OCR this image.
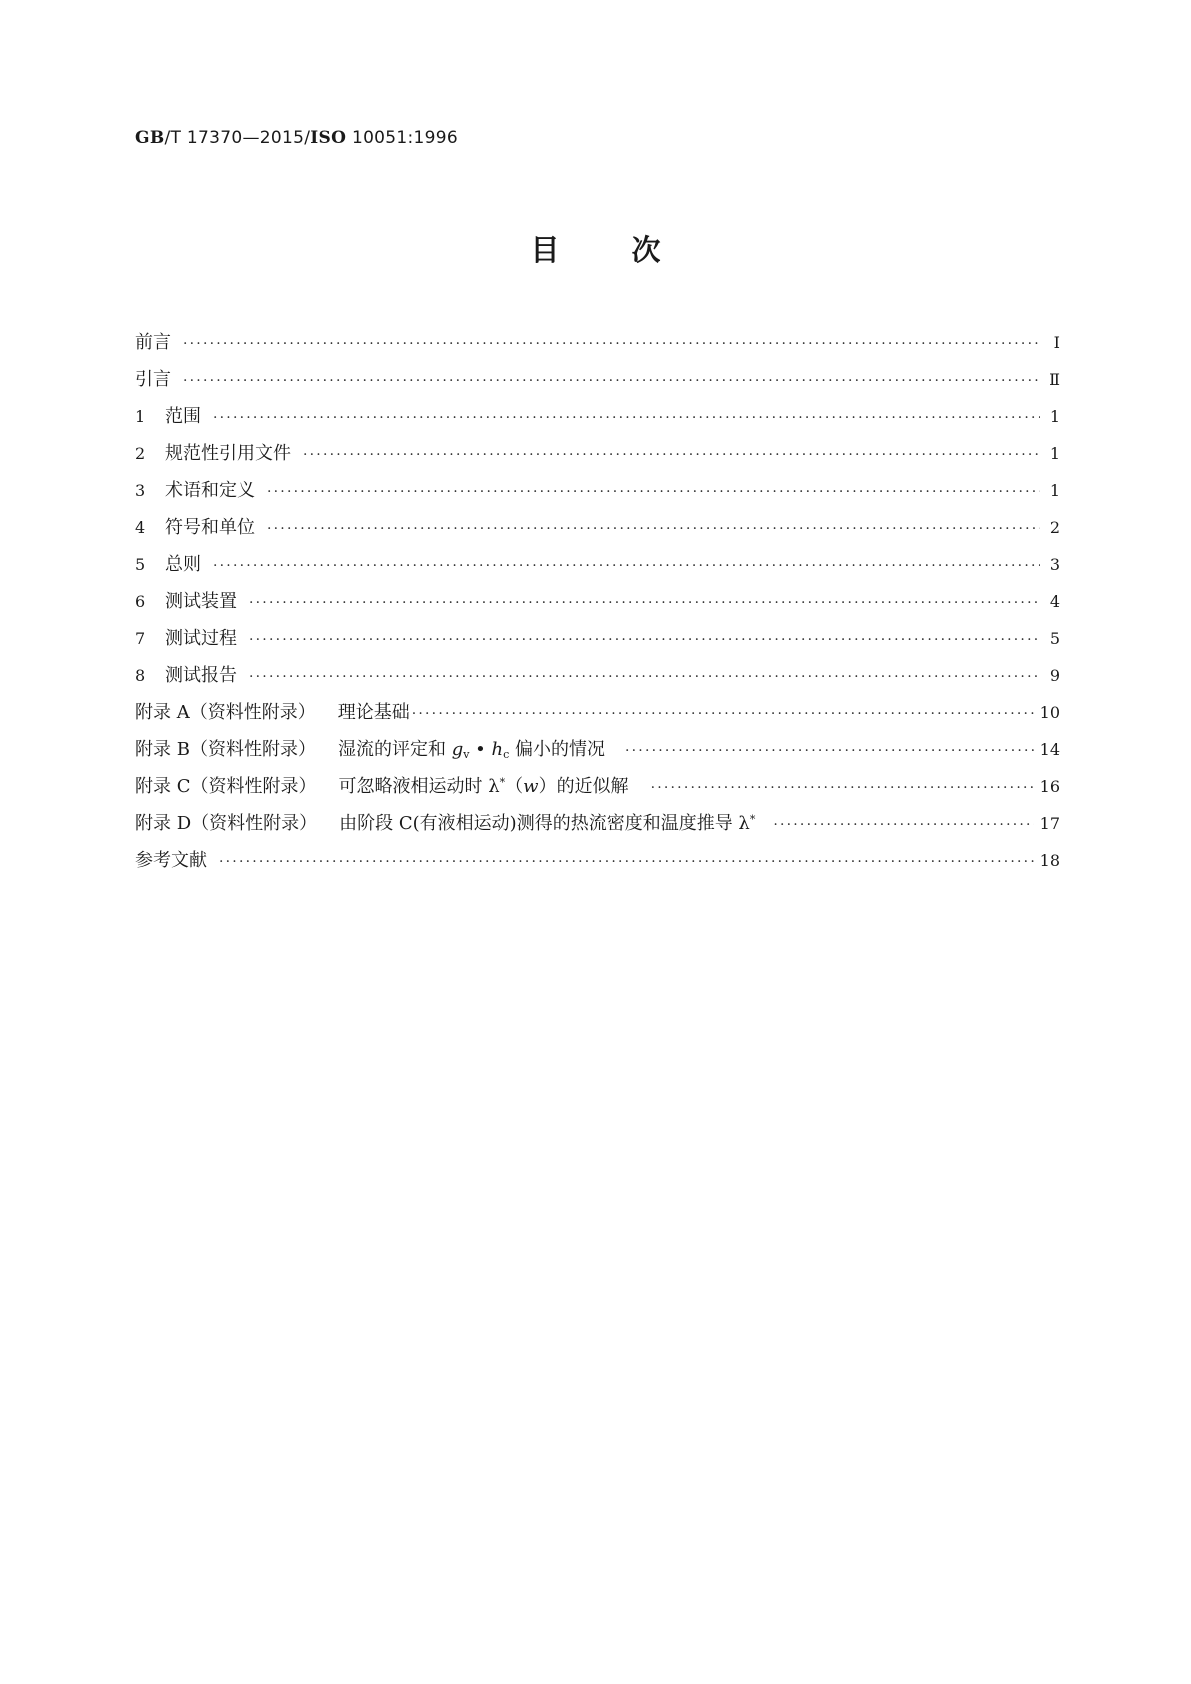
GB/T 17370—2015/ISO 10051:1996
目 次
前言 ·····	Ⅰ
引言 ·····	Ⅱ
1 范围 ·····	1
2 规范性引用文件 ·····	1
3 术语和定义 ·····	1
4 符号和单位 ·····	2
5 总则 ·····	3
6 测试装置 ·····	4
7 测试过程 ·····	5
8 测试报告 ·····	9
附录 A（资料性附录） 理论基础 ·····	10
附录 B（资料性附录） 湿流的评定和 $g_v$ • $h_c$ 偏小的情况 ·····	14
附录 C（资料性附录） 可忽略液相运动时 λ*（w）的近似解 ·····	16
附录 D（资料性附录） 由阶段 C(有液相运动)测得的热流密度和温度推导 λ* ·····	17
参考文献 ·····	18
